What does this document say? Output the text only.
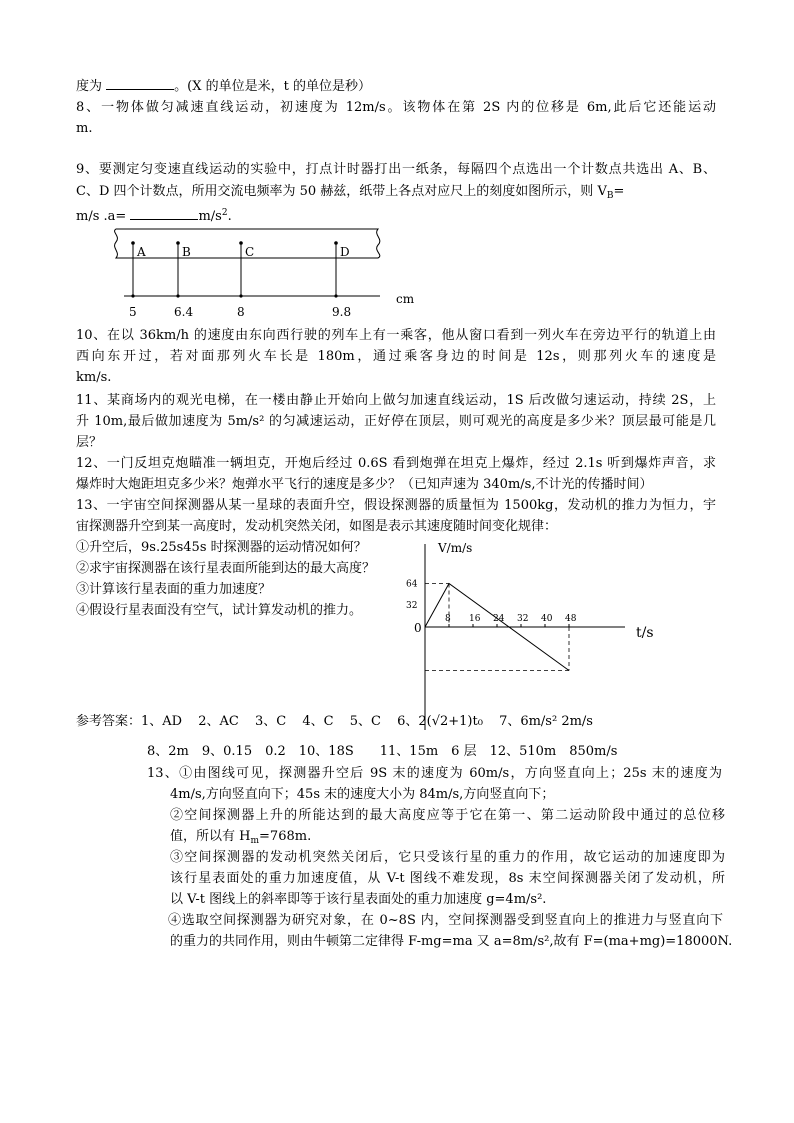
度为	。(X 的单位是米，t 的单位是秒）
8、一物体做匀减速直线运动，初速度为 12m/s。该物体在第 2S 内的位移是 6m,此后它还能运动
m.
9、要测定匀变速直线运动的实验中，打点计时器打出一纸条，每隔四个点选出一个计数点共选出 A、B、
C、D 四个计数点，所用交流电频率为 50 赫兹，纸带上各点对应尺上的刻度如图所示，则 $V_B=$
m/s .a=	$m/s^2$.
A
5
B
6.4
C
8
D
9.8
cm
10、在以 36km/h 的速度由东向西行驶的列车上有一乘客，他从窗口看到一列火车在旁边平行的轨道上由
西向东开过，若对面那列火车长是 180m，通过乘客身边的时间是 12s，则那列火车的速度是
km/s.
11、某商场内的观光电梯，在一楼由静止开始向上做匀加速直线运动，1S 后改做匀速运动，持续 2S，上
升 10m,最后做加速度为 5m/s² 的匀减速运动，正好停在顶层，则可观光的高度是多少米？顶层最可能是几
层？
12、一门反坦克炮瞄准一辆坦克，开炮后经过 0.6S 看到炮弹在坦克上爆炸，经过 2.1s 听到爆炸声音，求
爆炸时大炮距坦克多少米？炮弹水平飞行的速度是多少？（已知声速为 340m/s,不计光的传播时间）
13、一宇宙空间探测器从某一星球的表面升空，假设探测器的质量恒为 1500kg，发动机的推力为恒力，宇
宙探测器升空到某一高度时，发动机突然关闭，如图是表示其速度随时间变化规律：
①升空后，9s.25s45s 时探测器的运动情况如何？
②求宇宙探测器在该行星表面所能到达的最大高度？
③计算该行星表面的重力加速度？
④假设行星表面没有空气，试计算发动机的推力。
V/m/s
t/s
0
8 16 24 32 40 48
64
32
参考答案：1、AD 2、AC 3、C 4、C 5、C 6、2(√2+1)t₀ 7、6m/s² 2m/s
8、2m　9、0.15　0.2　10、18S　　11、15m　6 层　12、510m　850m/s
13、①由图线可见，探测器升空后 9S 末的速度为 60m/s，方向竖直向上；25s 末的速度为
4m/s,方向竖直向下；45s 末的速度大小为 84m/s,方向竖直向下；
②空间探测器上升的所能达到的最大高度应等于它在第一、第二运动阶段中通过的总位移
值，所以有 $H_m=768m$.
③空间探测器的发动机突然关闭后，它只受该行星的重力的作用，故它运动的加速度即为
该行星表面处的重力加速度值，从 V-t 图线不难发现，8s 末空间探测器关闭了发动机，所
以 V-t 图线上的斜率即等于该行星表面处的重力加速度 g=4m/s².
④选取空间探测器为研究对象，在 0~8S 内，空间探测器受到竖直向上的推进力与竖直向下
的重力的共同作用，则由牛顿第二定律得 F-mg=ma 又 a=8m/s²,故有 F=(ma+mg)=18000N.
